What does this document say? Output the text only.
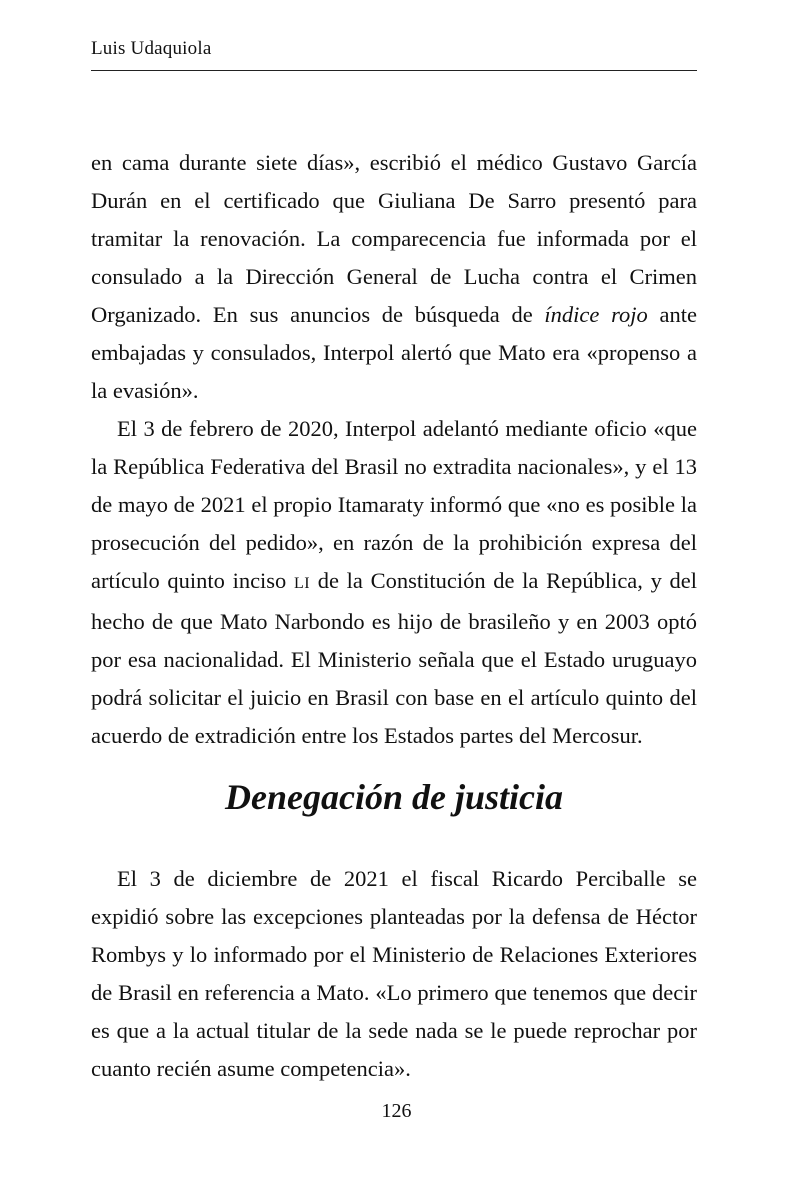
Luis Udaquiola

en cama durante siete días», escribió el médico Gustavo García Durán en el certificado que Giuliana De Sarro presentó para tramitar la renovación. La comparecencia fue informada por el consulado a la Dirección General de Lucha contra el Crimen Organizado. En sus anuncios de búsqueda de índice rojo ante embajadas y consulados, Interpol alertó que Mato era «propenso a la evasión».

El 3 de febrero de 2020, Interpol adelantó mediante oficio «que la República Federativa del Brasil no extradita nacionales», y el 13 de mayo de 2021 el propio Itamaraty informó que «no es posible la prosecución del pedido», en razón de la prohibición expresa del artículo quinto inciso LI de la Constitución de la República, y del hecho de que Mato Narbondo es hijo de brasileño y en 2003 optó por esa nacionalidad. El Ministerio señala que el Estado uruguayo podrá solicitar el juicio en Brasil con base en el artículo quinto del acuerdo de extradición entre los Estados partes del Mercosur.

Denegación de justicia

El 3 de diciembre de 2021 el fiscal Ricardo Perciballe se expidió sobre las excepciones planteadas por la defensa de Héctor Rombys y lo informado por el Ministerio de Relaciones Exteriores de Brasil en referencia a Mato. «Lo primero que tenemos que decir es que a la actual titular de la sede nada se le puede reprochar por cuanto recién asume competencia».

126
